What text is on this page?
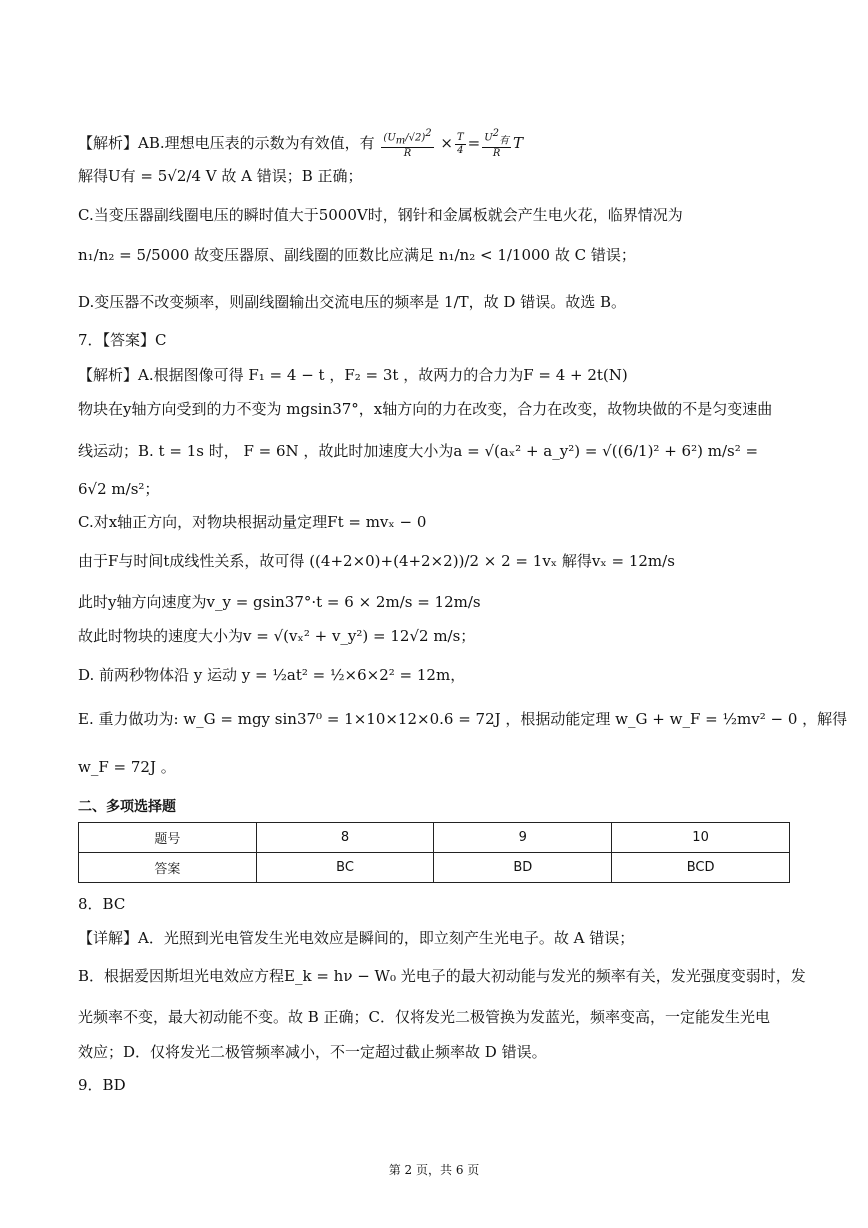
【解析】AB.理想电压表的示数为有效值，有 $\frac{(U_m/√2)^2}{R} \times \frac{T}{4} = \frac{U^2_有}{R}$ T
解得U有 = 5√2/4 V 故 A 错误；B 正确；
C.当变压器副线圈电压的瞬时值大于5000V时，钢针和金属板就会产生电火花，临界情况为
n₁/n₂ = 5/5000 故变压器原、副线圈的匝数比应满足 n₁/n₂ < 1/1000 故 C 错误；
D.变压器不改变频率，则副线圈输出交流电压的频率是 1/T，故 D 错误。故选 B。
7．【答案】C
【解析】A.根据图像可得 F₁ = 4 − t ，F₂ = 3t ，故两力的合力为F = 4 + 2t(N)
物块在y轴方向受到的力不变为 mgsin37°，x轴方向的力在改变，合力在改变，故物块做的不是匀变速曲
线运动；B. t = 1s 时， F = 6N ，故此时加速度大小为a = √(aₓ² + a_y²) = √((6/1)² + 6²) m/s² =
6√2 m/s²；
C.对x轴正方向，对物块根据动量定理Ft = mvₓ − 0
由于F与时间t成线性关系，故可得 ((4+2×0)+(4+2×2))/2 × 2 = 1vₓ 解得vₓ = 12m/s
此时y轴方向速度为v_y = gsin37°·t = 6 × 2m/s = 12m/s
故此时物块的速度大小为v = √(vₓ² + v_y²) = 12√2 m/s；
D. 前两秒物体沿 y 运动 y = ½at² = ½×6×2² = 12m，
E. 重力做功为: w_G = mgy sin37⁰ = 1×10×12×0.6 = 72J ，根据动能定理 w_G + w_F = ½mv² − 0 ，解得
w_F = 72J 。
二、多项选择题
题号	8	9	10
答案	BC	BD	BCD
8．BC
【详解】A．光照到光电管发生光电效应是瞬间的，即立刻产生光电子。故 A 错误；
B．根据爱因斯坦光电效应方程E_k = hν − W₀ 光电子的最大初动能与发光的频率有关，发光强度变弱时，发
光频率不变，最大初动能不变。故 B 正确；C．仅将发光二极管换为发蓝光，频率变高，一定能发生光电
效应；D．仅将发光二极管频率减小，不一定超过截止频率故 D 错误。
9．BD
第 2 页，共 6 页
